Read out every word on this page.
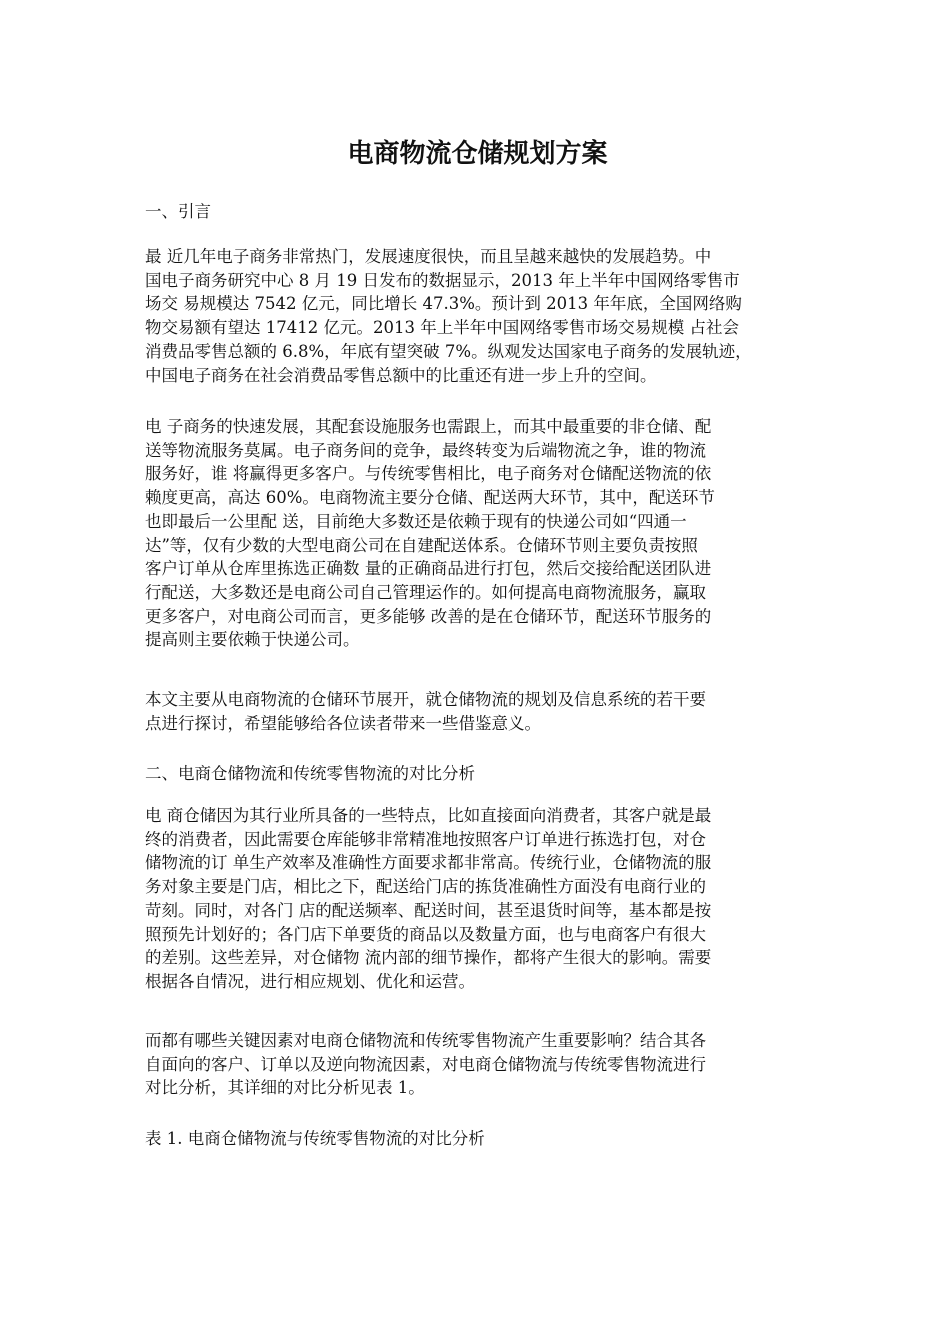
电商物流仓储规划方案
一、引言
最 近几年电子商务非常热门，发展速度很快，而且呈越来越快的发展趋势。中
国电子商务研究中心 8 月 19 日发布的数据显示，2013 年上半年中国网络零售市
场交 易规模达 7542 亿元，同比增长 47.3%。预计到 2013 年年底，全国网络购
物交易额有望达 17412 亿元。2013 年上半年中国网络零售市场交易规模 占社会
消费品零售总额的 6.8%，年底有望突破 7%。纵观发达国家电子商务的发展轨迹，
中国电子商务在社会消费品零售总额中的比重还有进一步上升的空间。
电 子商务的快速发展，其配套设施服务也需跟上，而其中最重要的非仓储、配
送等物流服务莫属。电子商务间的竞争，最终转变为后端物流之争，谁的物流
服务好，谁 将赢得更多客户。与传统零售相比，电子商务对仓储配送物流的依
赖度更高，高达 60%。电商物流主要分仓储、配送两大环节，其中，配送环节
也即最后一公里配 送，目前绝大多数还是依赖于现有的快递公司如“四通一
达”等，仅有少数的大型电商公司在自建配送体系。仓储环节则主要负责按照
客户订单从仓库里拣选正确数 量的正确商品进行打包，然后交接给配送团队进
行配送，大多数还是电商公司自己管理运作的。如何提高电商物流服务，赢取
更多客户，对电商公司而言，更多能够 改善的是在仓储环节，配送环节服务的
提高则主要依赖于快递公司。
本文主要从电商物流的仓储环节展开，就仓储物流的规划及信息系统的若干要
点进行探讨，希望能够给各位读者带来一些借鉴意义。
二、电商仓储物流和传统零售物流的对比分析
电 商仓储因为其行业所具备的一些特点，比如直接面向消费者，其客户就是最
终的消费者，因此需要仓库能够非常精准地按照客户订单进行拣选打包，对仓
储物流的订 单生产效率及准确性方面要求都非常高。传统行业，仓储物流的服
务对象主要是门店，相比之下，配送给门店的拣货准确性方面没有电商行业的
苛刻。同时，对各门 店的配送频率、配送时间，甚至退货时间等，基本都是按
照预先计划好的；各门店下单要货的商品以及数量方面，也与电商客户有很大
的差别。这些差异，对仓储物 流内部的细节操作，都将产生很大的影响。需要
根据各自情况，进行相应规划、优化和运营。
而都有哪些关键因素对电商仓储物流和传统零售物流产生重要影响？结合其各
自面向的客户、订单以及逆向物流因素，对电商仓储物流与传统零售物流进行
对比分析，其详细的对比分析见表 1。
表 1. 电商仓储物流与传统零售物流的对比分析
